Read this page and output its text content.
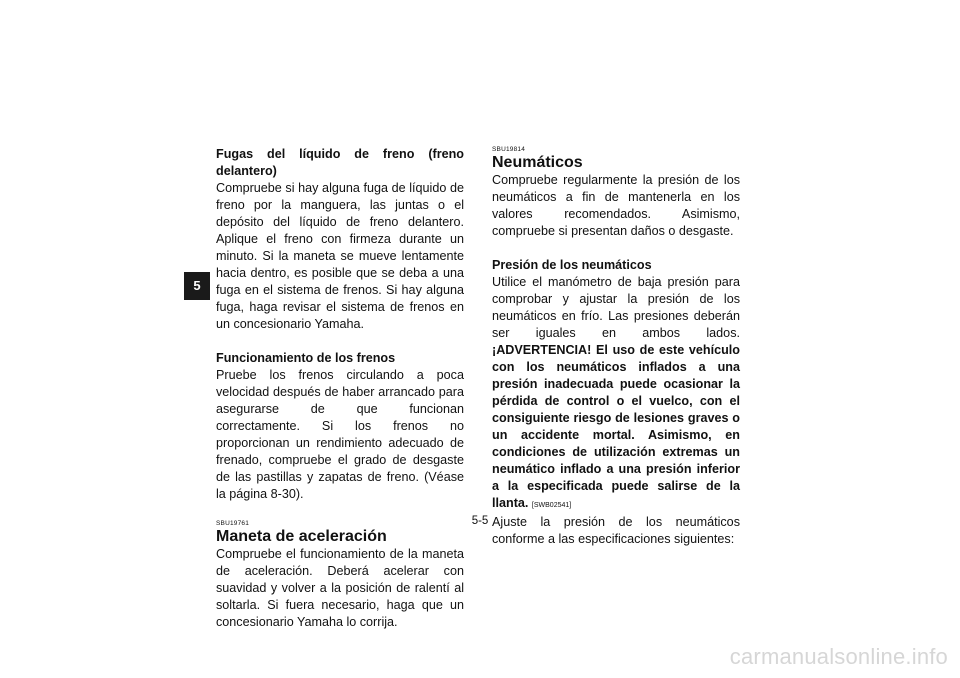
5

Fugas del líquido de freno (freno delantero)

Compruebe si hay alguna fuga de líquido de freno por la manguera, las juntas o el depósito del líquido de freno delantero. Aplique el freno con firmeza durante un minuto. Si la maneta se mueve lentamente hacia dentro, es posible que se deba a una fuga en el sistema de frenos. Si hay alguna fuga, haga revisar el sistema de frenos en un concesionario Yamaha.

Funcionamiento de los frenos

Pruebe los frenos circulando a poca velocidad después de haber arrancado para asegurarse de que funcionan correctamente. Si los frenos no proporcionan un rendimiento adecuado de frenado, compruebe el grado de desgaste de las pastillas y zapatas de freno. (Véase la página 8-30).

SBU19761

Maneta de aceleración

Compruebe el funcionamiento de la maneta de aceleración. Deberá acelerar con suavidad y volver a la posición de ralentí al soltarla. Si fuera necesario, haga que un concesionario Yamaha lo corrija.

SBU19814

Neumáticos

Compruebe regularmente la presión de los neumáticos a fin de mantenerla en los valores recomendados. Asimismo, compruebe si presentan daños o desgaste.

Presión de los neumáticos

Utilice el manómetro de baja presión para comprobar y ajustar la presión de los neumáticos en frío. Las presiones deberán ser iguales en ambos lados. ¡ADVERTENCIA! El uso de este vehículo con los neumáticos inflados a una presión inadecuada puede ocasionar la pérdida de control o el vuelco, con el consiguiente riesgo de lesiones graves o un accidente mortal. Asimismo, en condiciones de utilización extremas un neumático inflado a una presión inferior a la especificada puede salirse de la llanta. [SWB02541]

Ajuste la presión de los neumáticos conforme a las especificaciones siguientes:

5-5
carmanualsonline.info
